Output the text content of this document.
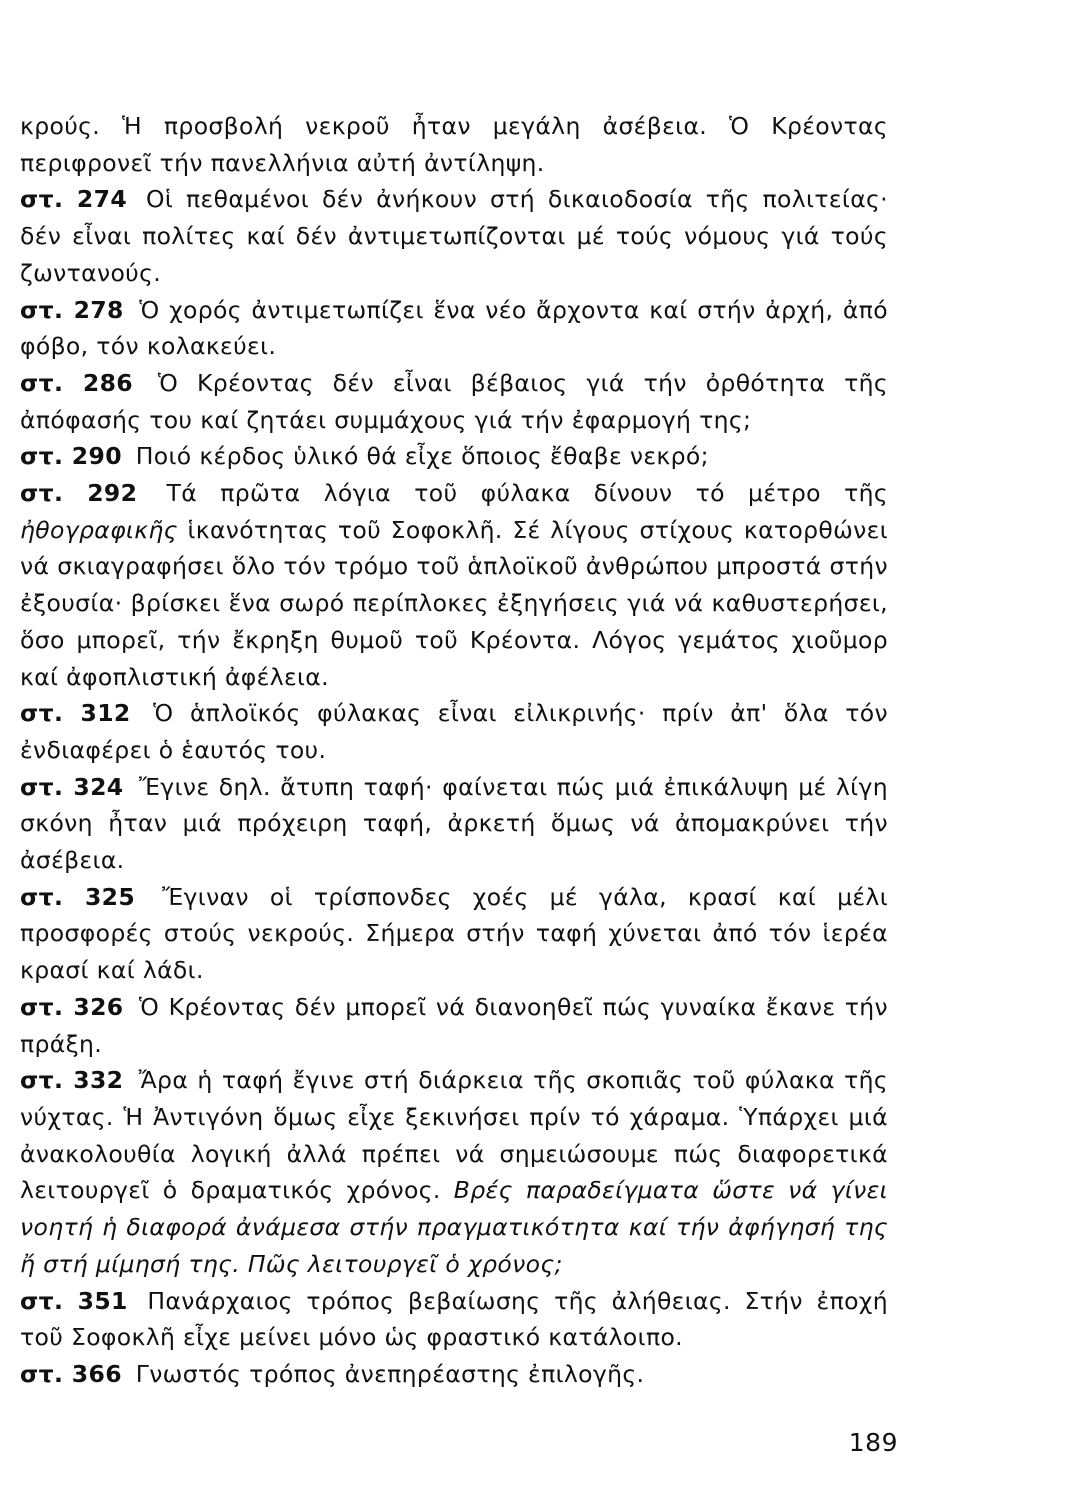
κρούς. Ἡ προσβολή νεκροῦ ἦταν μεγάλη ἀσέβεια. Ὁ Κρέοντας περιφρονεῖ τήν πανελλήνια αὐτή ἀντίληψη.

στ. 274 Οἱ πεθαμένοι δέν ἀνήκουν στή δικαιοδοσία τῆς πολιτείας· δέν εἶναι πολίτες καί δέν ἀντιμετωπίζονται μέ τούς νόμους γιά τούς ζωντανούς.

στ. 278 Ὁ χορός ἀντιμετωπίζει ἕνα νέο ἄρχοντα καί στήν ἀρχή, ἀπό φόβο, τόν κολακεύει.

στ. 286 Ὁ Κρέοντας δέν εἶναι βέβαιος γιά τήν ὀρθότητα τῆς ἀπόφασής του καί ζητάει συμμάχους γιά τήν ἐφαρμογή της;

στ. 290 Ποιό κέρδος ὑλικό θά εἶχε ὅποιος ἔθαβε νεκρό;

στ. 292 Τά πρῶτα λόγια τοῦ φύλακα δίνουν τό μέτρο τῆς ἠθογραφικῆς ἱκανότητας τοῦ Σοφοκλῆ. Σέ λίγους στίχους κατορθώνει νά σκιαγραφήσει ὅλο τόν τρόμο τοῦ ἁπλοϊκοῦ ἀνθρώπου μπροστά στήν ἐξουσία· βρίσκει ἕνα σωρό περίπλοκες ἐξηγήσεις γιά νά καθυστερήσει, ὅσο μπορεῖ, τήν ἔκρηξη θυμοῦ τοῦ Κρέοντα. Λόγος γεμάτος χιοῦμορ καί ἀφοπλιστική ἀφέλεια.

στ. 312 Ὁ ἁπλοϊκός φύλακας εἶναι εἰλικρινής· πρίν ἀπ' ὅλα τόν ἐνδιαφέρει ὁ ἑαυτός του.

στ. 324 Ἔγινε δηλ. ἄτυπη ταφή· φαίνεται πώς μιά ἐπικάλυψη μέ λίγη σκόνη ἦταν μιά πρόχειρη ταφή, ἀρκετή ὅμως νά ἀπομακρύνει τήν ἀσέβεια.

στ. 325 Ἔγιναν οἱ τρίσπονδες χοές μέ γάλα, κρασί καί μέλι προσφορές στούς νεκρούς. Σήμερα στήν ταφή χύνεται ἀπό τόν ἱερέα κρασί καί λάδι.

στ. 326 Ὁ Κρέοντας δέν μπορεῖ νά διανοηθεῖ πώς γυναίκα ἔκανε τήν πράξη.

στ. 332 Ἄρα ἡ ταφή ἔγινε στή διάρκεια τῆς σκοπιᾶς τοῦ φύλακα τῆς νύχτας. Ἡ Ἀντιγόνη ὅμως εἶχε ξεκινήσει πρίν τό χάραμα. Ὑπάρχει μιά ἀνακολουθία λογική ἀλλά πρέπει νά σημειώσουμε πώς διαφορετικά λειτουργεῖ ὁ δραματικός χρόνος. Βρές παραδείγματα ὥστε νά γίνει νοητή ἡ διαφορά ἀνάμεσα στήν πραγματικότητα καί τήν ἀφήγησή της ἤ στή μίμησή της. Πῶς λειτουργεῖ ὁ χρόνος;

στ. 351 Πανάρχαιος τρόπος βεβαίωσης τῆς ἀλήθειας. Στήν ἐποχή τοῦ Σοφοκλῆ εἶχε μείνει μόνο ὡς φραστικό κατάλοιπο.

στ. 366 Γνωστός τρόπος ἀνεπηρέαστης ἐπιλογῆς.

189
